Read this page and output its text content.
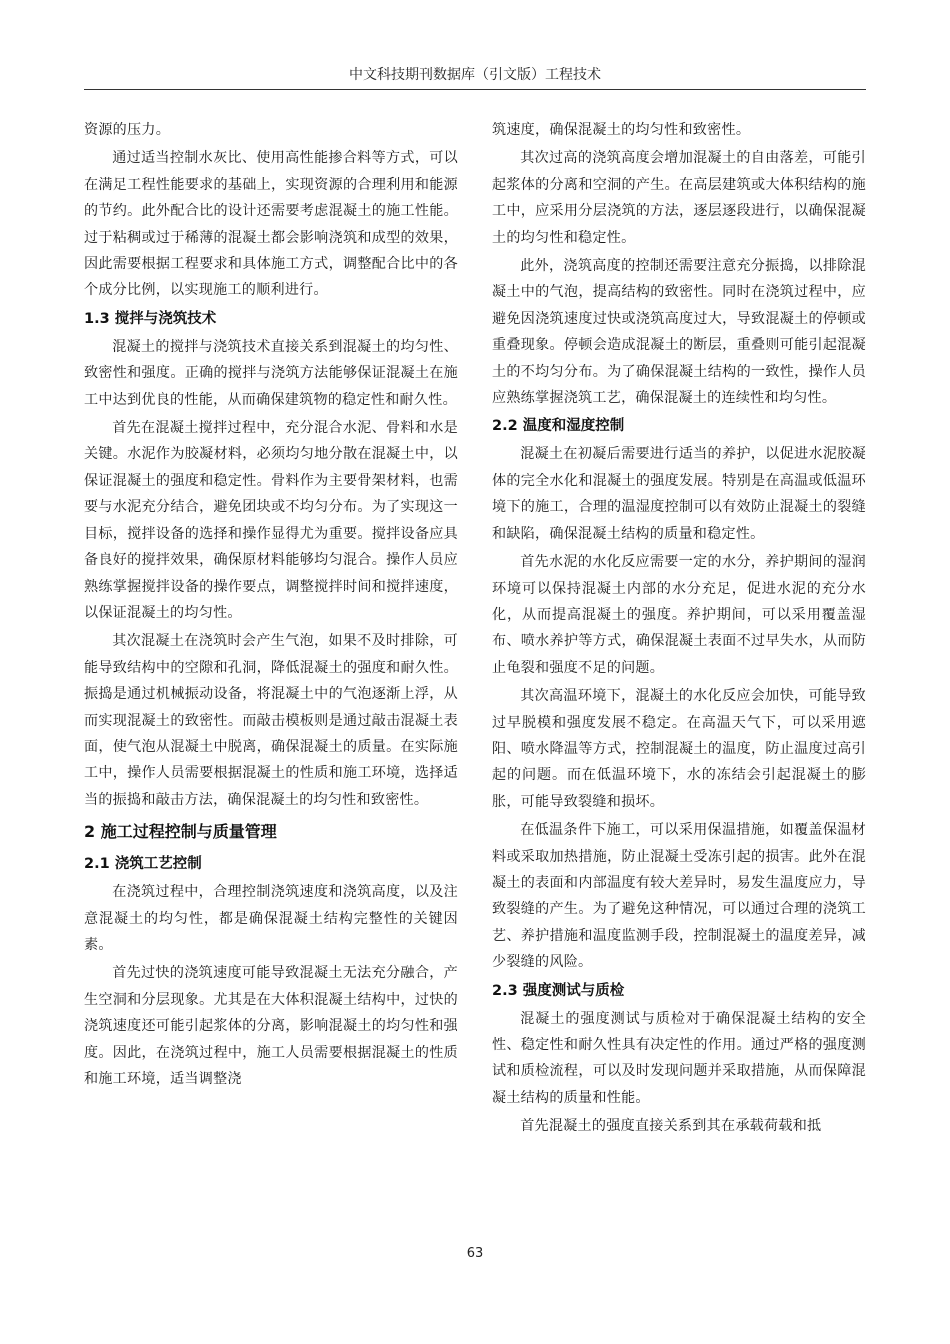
中文科技期刊数据库（引文版）工程技术

资源的压力。

通过适当控制水灰比、使用高性能掺合料等方式，可以在满足工程性能要求的基础上，实现资源的合理利用和能源的节约。此外配合比的设计还需要考虑混凝土的施工性能。过于粘稠或过于稀薄的混凝土都会影响浇筑和成型的效果，因此需要根据工程要求和具体施工方式，调整配合比中的各个成分比例，以实现施工的顺利进行。

1.3 搅拌与浇筑技术

混凝土的搅拌与浇筑技术直接关系到混凝土的均匀性、致密性和强度。正确的搅拌与浇筑方法能够保证混凝土在施工中达到优良的性能，从而确保建筑物的稳定性和耐久性。

首先在混凝土搅拌过程中，充分混合水泥、骨料和水是关键。水泥作为胶凝材料，必须均匀地分散在混凝土中，以保证混凝土的强度和稳定性。骨料作为主要骨架材料，也需要与水泥充分结合，避免团块或不均匀分布。为了实现这一目标，搅拌设备的选择和操作显得尤为重要。搅拌设备应具备良好的搅拌效果，确保原材料能够均匀混合。操作人员应熟练掌握搅拌设备的操作要点，调整搅拌时间和搅拌速度，以保证混凝土的均匀性。

其次混凝土在浇筑时会产生气泡，如果不及时排除，可能导致结构中的空隙和孔洞，降低混凝土的强度和耐久性。振捣是通过机械振动设备，将混凝土中的气泡逐渐上浮，从而实现混凝土的致密性。而敲击模板则是通过敲击混凝土表面，使气泡从混凝土中脱离，确保混凝土的质量。在实际施工中，操作人员需要根据混凝土的性质和施工环境，选择适当的振捣和敲击方法，确保混凝土的均匀性和致密性。

2 施工过程控制与质量管理
2.1 浇筑工艺控制

在浇筑过程中，合理控制浇筑速度和浇筑高度，以及注意混凝土的均匀性，都是确保混凝土结构完整性的关键因素。

首先过快的浇筑速度可能导致混凝土无法充分融合，产生空洞和分层现象。尤其是在大体积混凝土结构中，过快的浇筑速度还可能引起浆体的分离，影响混凝土的均匀性和强度。因此，在浇筑过程中，施工人员需要根据混凝土的性质和施工环境，适当调整浇

筑速度，确保混凝土的均匀性和致密性。

其次过高的浇筑高度会增加混凝土的自由落差，可能引起浆体的分离和空洞的产生。在高层建筑或大体积结构的施工中，应采用分层浇筑的方法，逐层逐段进行，以确保混凝土的均匀性和稳定性。

此外，浇筑高度的控制还需要注意充分振捣，以排除混凝土中的气泡，提高结构的致密性。同时在浇筑过程中，应避免因浇筑速度过快或浇筑高度过大，导致混凝土的停顿或重叠现象。停顿会造成混凝土的断层，重叠则可能引起混凝土的不均匀分布。为了确保混凝土结构的一致性，操作人员应熟练掌握浇筑工艺，确保混凝土的连续性和均匀性。

2.2 温度和湿度控制

混凝土在初凝后需要进行适当的养护，以促进水泥胶凝体的完全水化和混凝土的强度发展。特别是在高温或低温环境下的施工，合理的温湿度控制可以有效防止混凝土的裂缝和缺陷，确保混凝土结构的质量和稳定性。

首先水泥的水化反应需要一定的水分，养护期间的湿润环境可以保持混凝土内部的水分充足，促进水泥的充分水化，从而提高混凝土的强度。养护期间，可以采用覆盖湿布、喷水养护等方式，确保混凝土表面不过早失水，从而防止龟裂和强度不足的问题。

其次高温环境下，混凝土的水化反应会加快，可能导致过早脱模和强度发展不稳定。在高温天气下，可以采用遮阳、喷水降温等方式，控制混凝土的温度，防止温度过高引起的问题。而在低温环境下，水的冻结会引起混凝土的膨胀，可能导致裂缝和损坏。

在低温条件下施工，可以采用保温措施，如覆盖保温材料或采取加热措施，防止混凝土受冻引起的损害。此外在混凝土的表面和内部温度有较大差异时，易发生温度应力，导致裂缝的产生。为了避免这种情况，可以通过合理的浇筑工艺、养护措施和温度监测手段，控制混凝土的温度差异，减少裂缝的风险。

2.3 强度测试与质检

混凝土的强度测试与质检对于确保混凝土结构的安全性、稳定性和耐久性具有决定性的作用。通过严格的强度测试和质检流程，可以及时发现问题并采取措施，从而保障混凝土结构的质量和性能。

首先混凝土的强度直接关系到其在承载荷载和抵

63
